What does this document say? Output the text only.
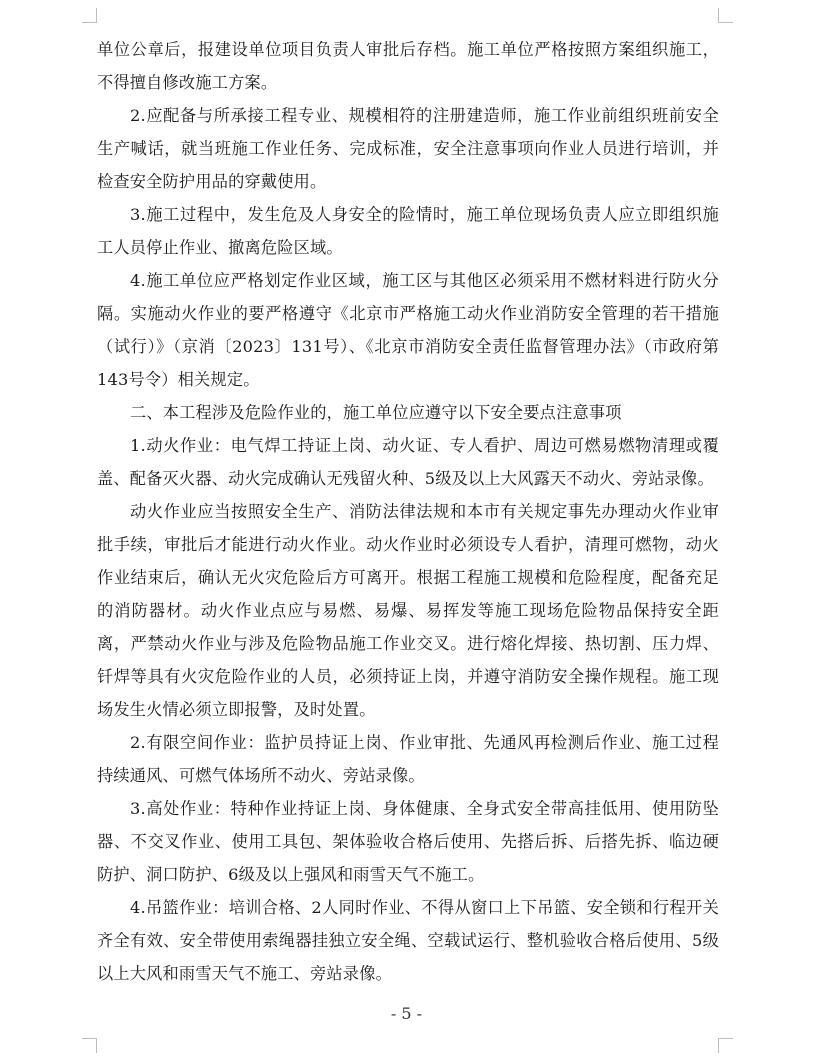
单位公章后，报建设单位项目负责人审批后存档。施工单位严格按照方案组织施工，不得擅自修改施工方案。

2.应配备与所承接工程专业、规模相符的注册建造师，施工作业前组织班前安全生产喊话，就当班施工作业任务、完成标准，安全注意事项向作业人员进行培训，并检查安全防护用品的穿戴使用。

3.施工过程中，发生危及人身安全的险情时，施工单位现场负责人应立即组织施工人员停止作业、撤离危险区域。

4.施工单位应严格划定作业区域，施工区与其他区必须采用不燃材料进行防火分隔。实施动火作业的要严格遵守《北京市严格施工动火作业消防安全管理的若干措施（试行）》（京消〔2023〕131号）、《北京市消防安全责任监督管理办法》（市政府第143号令）相关规定。

二、本工程涉及危险作业的，施工单位应遵守以下安全要点注意事项

1.动火作业：电气焊工持证上岗、动火证、专人看护、周边可燃易燃物清理或覆盖、配备灭火器、动火完成确认无残留火种、5级及以上大风露天不动火、旁站录像。

动火作业应当按照安全生产、消防法律法规和本市有关规定事先办理动火作业审批手续，审批后才能进行动火作业。动火作业时必须设专人看护，清理可燃物，动火作业结束后，确认无火灾危险后方可离开。根据工程施工规模和危险程度，配备充足的消防器材。动火作业点应与易燃、易爆、易挥发等施工现场危险物品保持安全距离，严禁动火作业与涉及危险物品施工作业交叉。进行熔化焊接、热切割、压力焊、钎焊等具有火灾危险作业的人员，必须持证上岗，并遵守消防安全操作规程。施工现场发生火情必须立即报警，及时处置。

2.有限空间作业：监护员持证上岗、作业审批、先通风再检测后作业、施工过程持续通风、可燃气体场所不动火、旁站录像。

3.高处作业：特种作业持证上岗、身体健康、全身式安全带高挂低用、使用防坠器、不交叉作业、使用工具包、架体验收合格后使用、先搭后拆、后搭先拆、临边硬防护、洞口防护、6级及以上强风和雨雪天气不施工。

4.吊篮作业：培训合格、2人同时作业、不得从窗口上下吊篮、安全锁和行程开关齐全有效、安全带使用索绳器挂独立安全绳、空载试运行、整机验收合格后使用、5级以上大风和雨雪天气不施工、旁站录像。

- 5 -
